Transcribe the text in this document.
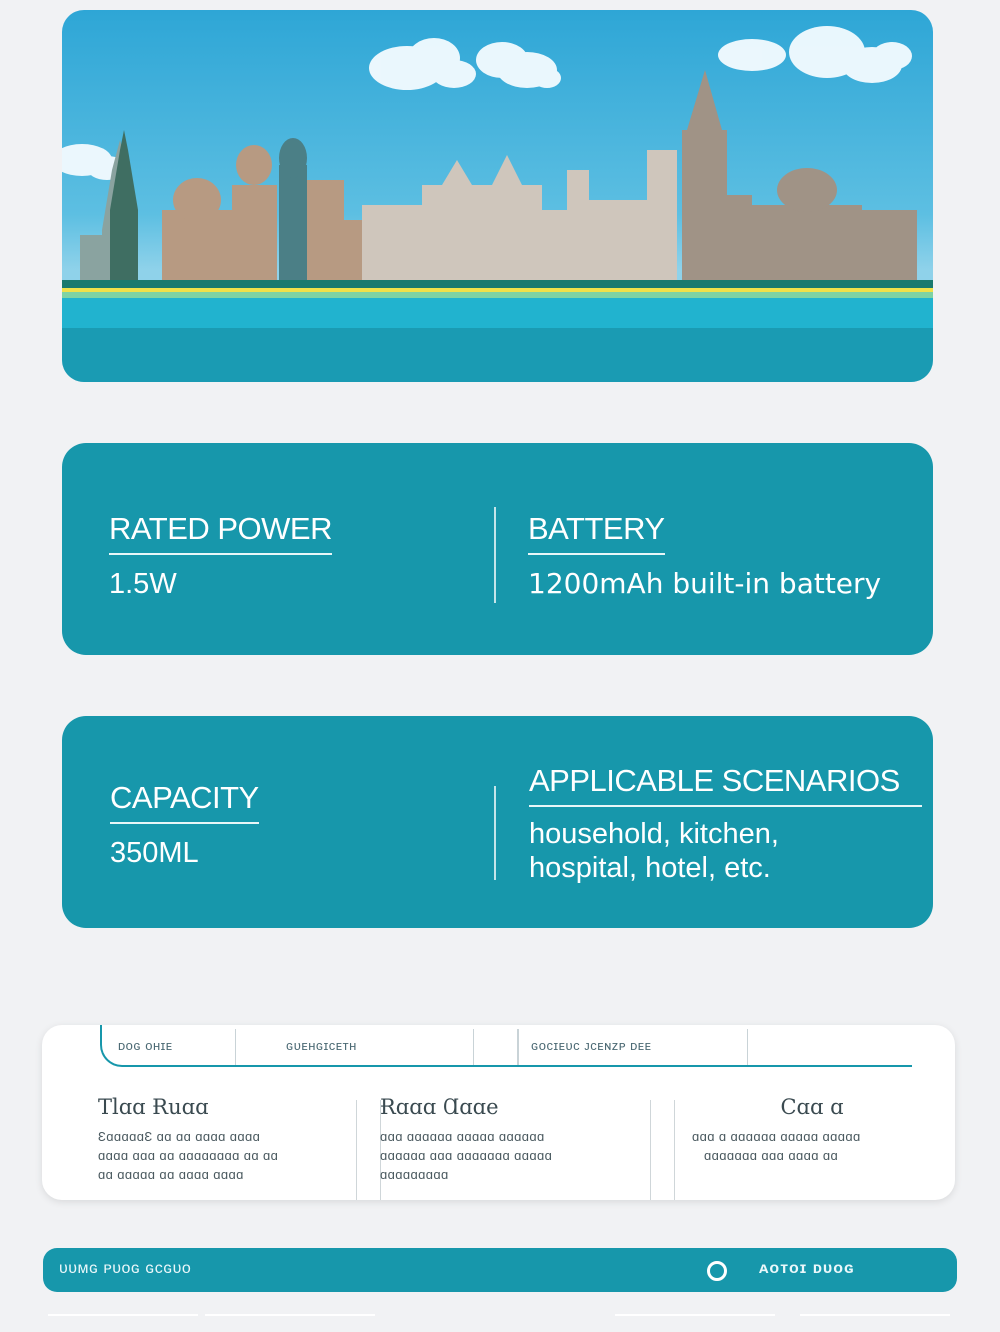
RATED POWER
1.5W
BATTERY
1200mAh built-in battery
CAPACITY
350ML
APPLICABLE SCENARIOS
household, kitchen,
hospital, hotel, etc.
ᴅᴏɢ ᴏʜɪᴇ	ɢᴜᴇʜɢɪᴄᴇᴛʜ	ɢᴏᴄɪᴇᴜᴄ ᴊᴄᴇɴᴢᴘ ᴅᴇᴇ
Tlɑɑ Ɍuɑɑ
ƐɑɑɑɑɑƐ ɑɑ ɑɑ ɑɑɑɑ ɑɑɑɑ
ɑɑɑɑ ɑɑɑ ɑɑ ɑɑɑɑɑɑɑɑ ɑɑ ɑɑ
ɑɑ ɑɑɑɑɑ ɑɑ ɑɑɑɑ ɑɑɑɑ
Ɍɑɑɑ Ɑɑɑe
ɑɑɑ ɑɑɑɑɑɑ ɑɑɑɑɑ ɑɑɑɑɑɑ
ɑɑɑɑɑɑ ɑɑɑ ɑɑɑɑɑɑɑ ɑɑɑɑɑ
ɑɑɑɑɑɑɑɑɑ
Cɑɑ ɑ
ɑɑɑ ɑ ɑɑɑɑɑɑ ɑɑɑɑɑ ɑɑɑɑɑ
ɑɑɑɑɑɑɑ ɑɑɑ ɑɑɑɑ ɑɑ
ᴜᴜᴍɢ ᴘᴜᴏɢ ɢᴄɢᴜᴏ	ᴀᴏᴛᴏɪ ᴅᴜᴏɢ
